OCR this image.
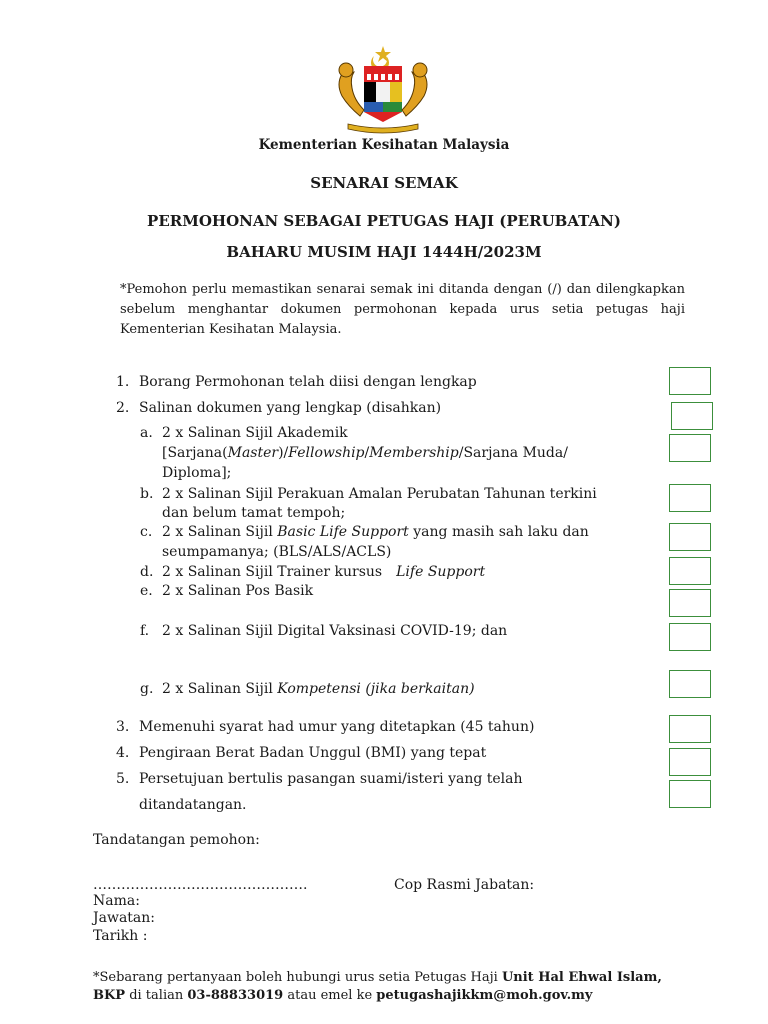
Kementerian Kesihatan Malaysia
SENARAI SEMAK
PERMOHONAN SEBAGAI PETUGAS HAJI (PERUBATAN)
BAHARU MUSIM HAJI 1444H/2023M
*Pemohon perlu memastikan senarai semak ini ditanda dengan (/) dan dilengkapkan sebelum menghantar dokumen permohonan kepada urus setia petugas haji Kementerian Kesihatan Malaysia.
1. Borang Permohonan telah diisi dengan lengkap
2. Salinan dokumen yang lengkap (disahkan)
a. 2 x Salinan Sijil Akademik
[Sarjana(Master)/Fellowship/Membership/Sarjana Muda/
Diploma];
b. 2 x Salinan Sijil Perakuan Amalan Perubatan Tahunan terkini
dan belum tamat tempoh;
c. 2 x Salinan Sijil Basic Life Support yang masih sah laku dan
seumpamanya; (BLS/ALS/ACLS)
d. 2 x Salinan Sijil Trainer kursus Life Support
e. 2 x Salinan Pos Basik
f. 2 x Salinan Sijil Digital Vaksinasi COVID-19; dan
g. 2 x Salinan Sijil Kompetensi (jika berkaitan)
3. Memenuhi syarat had umur yang ditetapkan (45 tahun)
4. Pengiraan Berat Badan Unggul (BMI) yang tepat
5. Persetujuan bertulis pasangan suami/isteri yang telah
ditandatangan.
Tandatangan pemohon:
……………………………………….	Cop Rasmi Jabatan:
Nama:
Jawatan:
Tarikh :
*Sebarang pertanyaan boleh hubungi urus setia Petugas Haji Unit Hal Ehwal Islam,
BKP di talian 03-88833019 atau emel ke petugashajikkm@moh.gov.my
